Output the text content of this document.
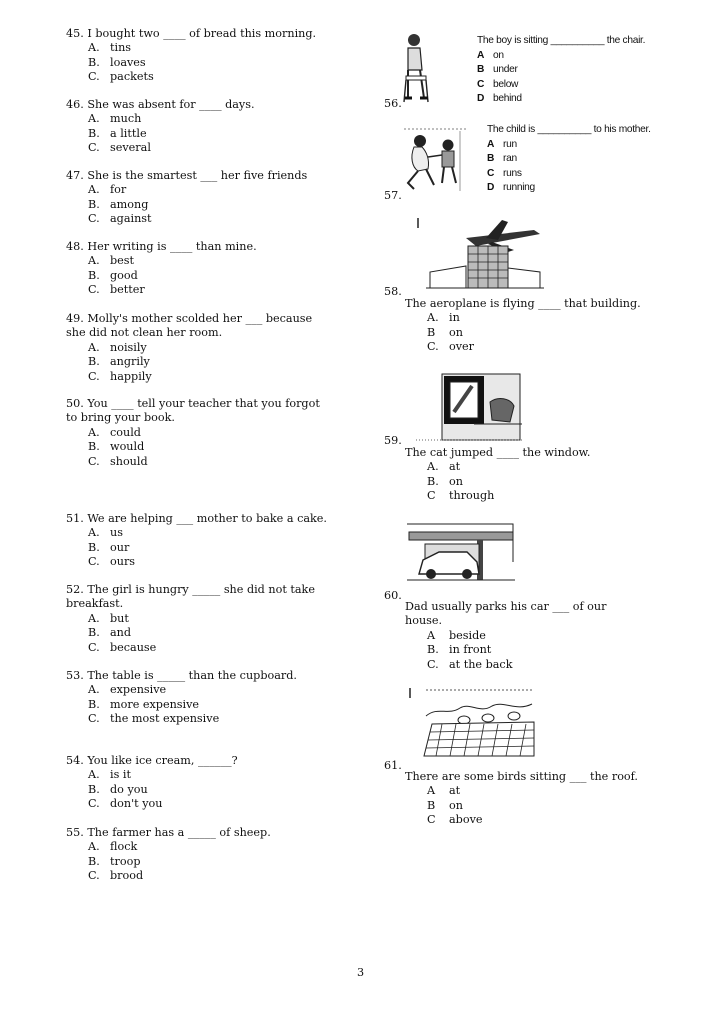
45. I bought two ____ of bread this morning.
A. tins
B. loaves
C. packets
46. She was absent for ____ days.
A. much
B. a little
C. several
47. She is the smartest ___ her five friends
A. for
B. among
C. against
48. Her writing is ____ than mine.
A. best
B. good
C. better
49. Molly's mother scolded her ___ because
she did not clean her room.
A. noisily
B. angrily
C. happily
50. You ____ tell your teacher that you forgot
to bring your book.
A. could
B. would
C. should
51. We are helping ___ mother to bake a cake.
A. us
B. our
C. ours
52. The girl is hungry _____ she did not take
breakfast.
A. but
B. and
C. because
53. The table is _____ than the cupboard.
A. expensive
B. more expensive
C. the most expensive
54. You like ice cream, ______?
A. is it
B. do you
C. don't you
55. The farmer has a _____ of sheep.
A. flock
B. troop
C. brood
56.
The boy is sitting __________ the chair.
A on
B under
C below
D behind
57.
The child is __________ to his mother.
A run
B ran
C runs
D running
58.
The aeroplane is flying ____ that building.
A. in
B	on
C. over
59.
The cat jumped ____ the window.
A. at
B. on
C	through
60.
Dad usually parks his car ___ of our
house.
A	beside
B. in front
C. at the back
61.
There are some birds sitting ___ the roof.
A	at
B	on
C	above
3
